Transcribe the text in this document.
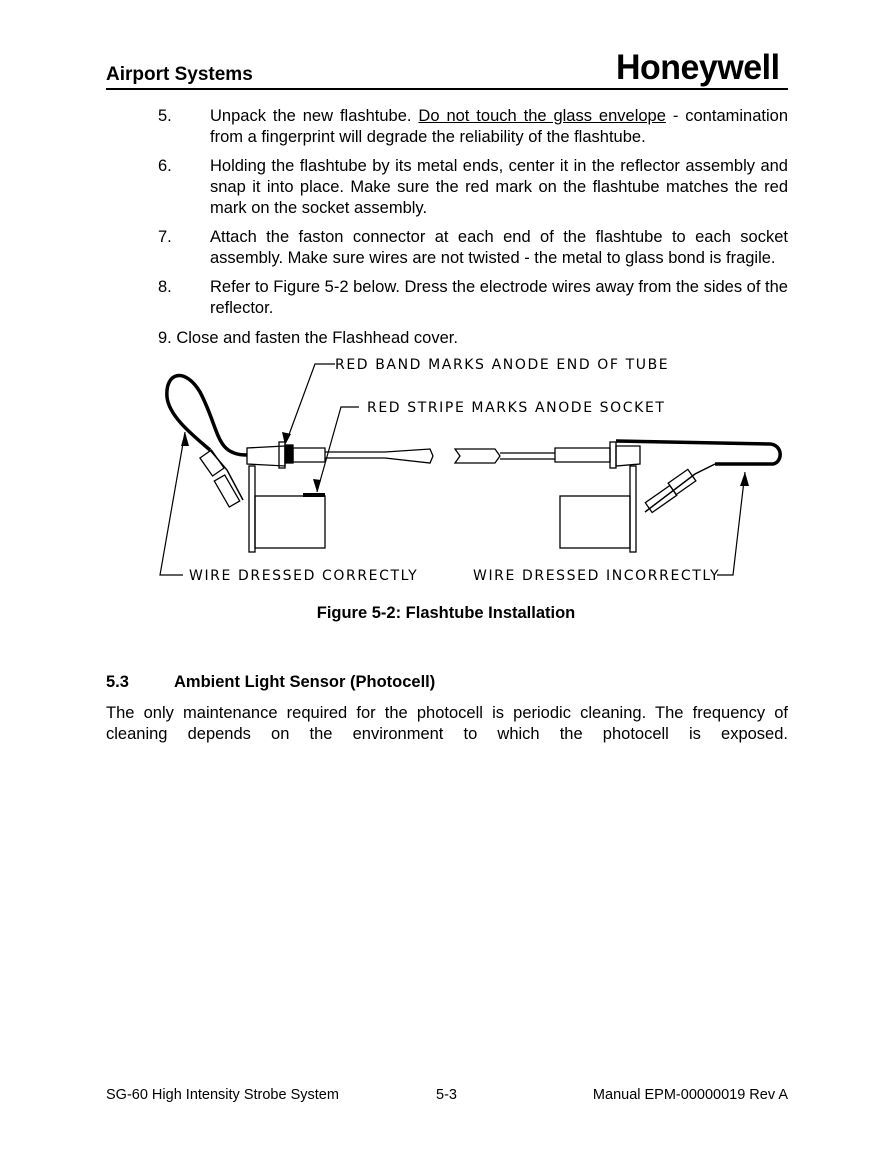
Airport Systems	Honeywell
5. Unpack the new flashtube. Do not touch the glass envelope - contamination from a fingerprint will degrade the reliability of the flashtube.
6. Holding the flashtube by its metal ends, center it in the reflector assembly and snap it into place. Make sure the red mark on the flashtube matches the red mark on the socket assembly.
7. Attach the faston connector at each end of the flashtube to each socket assembly. Make sure wires are not twisted - the metal to glass bond is fragile.
8. Refer to Figure 5-2 below. Dress the electrode wires away from the sides of the reflector.
9. Close and fasten the Flashhead cover.
RED BAND MARKS ANODE END OF TUBE
RED STRIPE MARKS ANODE SOCKET
WIRE DRESSED CORRECTLY	WIRE DRESSED INCORRECTLY
Figure 5-2: Flashtube Installation
5.3	Ambient Light Sensor (Photocell)
The only maintenance required for the photocell is periodic cleaning. The frequency of cleaning depends on the environment to which the photocell is exposed.
SG-60 High Intensity Strobe System	5-3	Manual EPM-00000019 Rev A
